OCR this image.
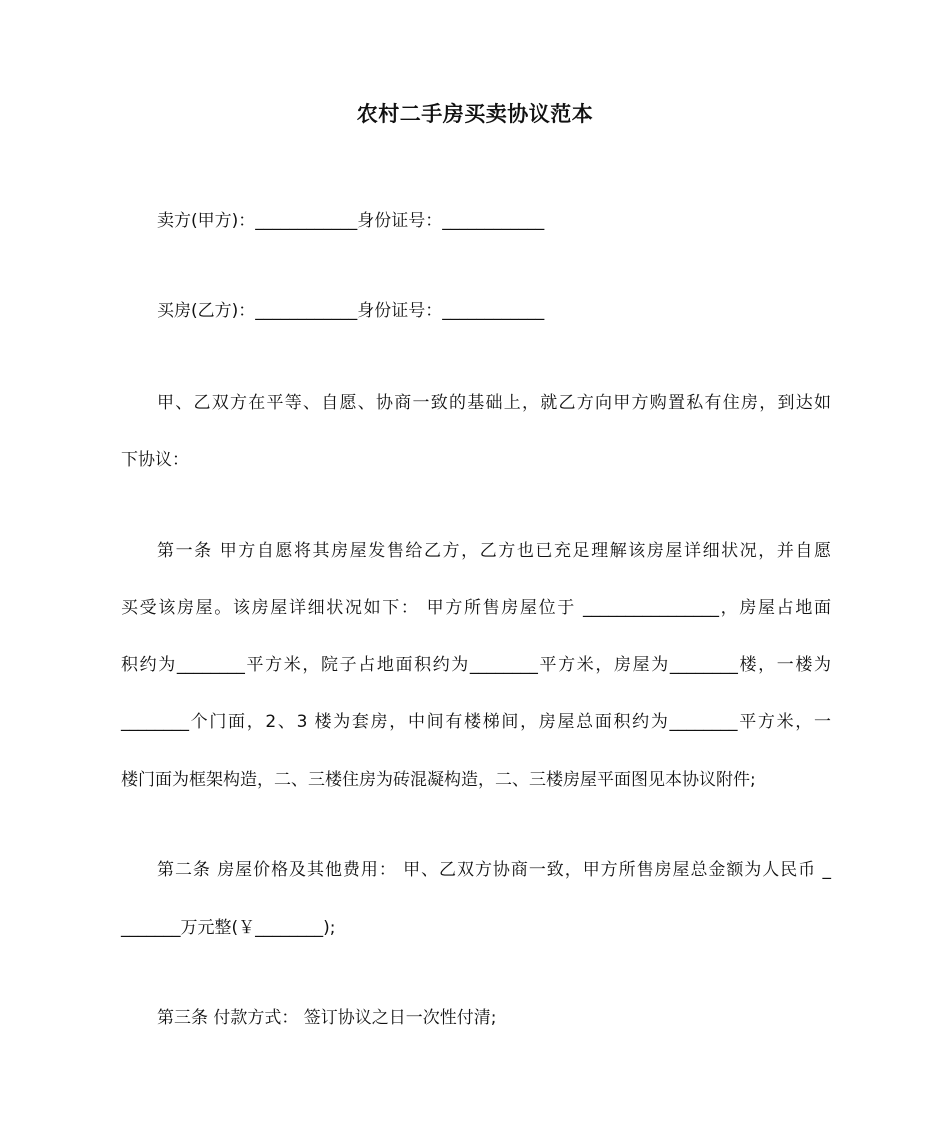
农村二手房买卖协议范本
卖方(甲方)：____________身份证号：____________
买房(乙方)：____________身份证号：____________
甲、乙双方在平等、自愿、协商一致的基础上，就乙方向甲方购置私有住房，到达如
下协议：
第一条 甲方自愿将其房屋发售给乙方，乙方也已充足理解该房屋详细状况，并自愿
买受该房屋。该房屋详细状况如下： 甲方所售房屋位于 ________________，房屋占地面
积约为________平方米，院子占地面积约为________平方米，房屋为________楼，一楼为
________个门面，2、3 楼为套房，中间有楼梯间，房屋总面积约为________平方米，一
楼门面为框架构造，二、三楼住房为砖混凝构造，二、三楼房屋平面图见本协议附件;
第二条 房屋价格及其他费用： 甲、乙双方协商一致，甲方所售房屋总金额为人民币 _
_______万元整(￥________);
第三条 付款方式： 签订协议之日一次性付清;
